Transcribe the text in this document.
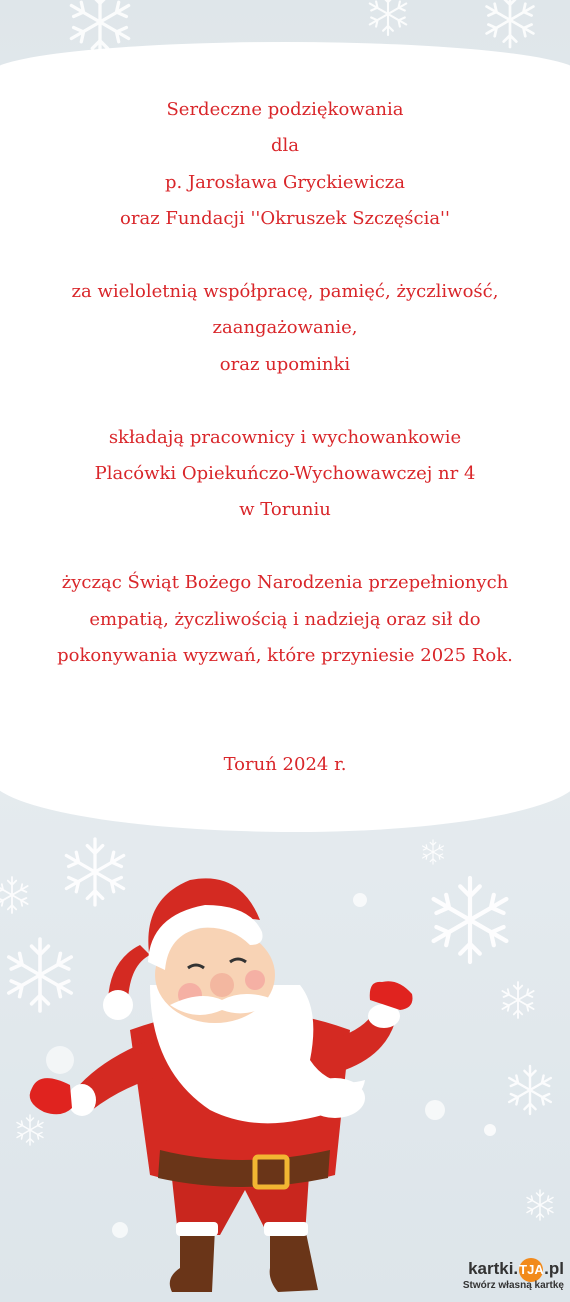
Serdeczne podziękowania
dla
p. Jarosława Gryckiewicza
oraz Fundacji ''Okruszek Szczęścia''
za wieloletnią współpracę, pamięć, życzliwość,
zaangażowanie,
oraz upominki
składają pracownicy i wychowankowie
Placówki Opiekuńczo-Wychowawczej nr 4
w Toruniu
życząc Świąt Bożego Narodzenia przepełnionych
empatią, życzliwością i nadzieją oraz sił do
pokonywania wyzwań, które przyniesie 2025 Rok.
Toruń 2024 r.
kartki.TJA.pl
Stwórz własną kartkę
